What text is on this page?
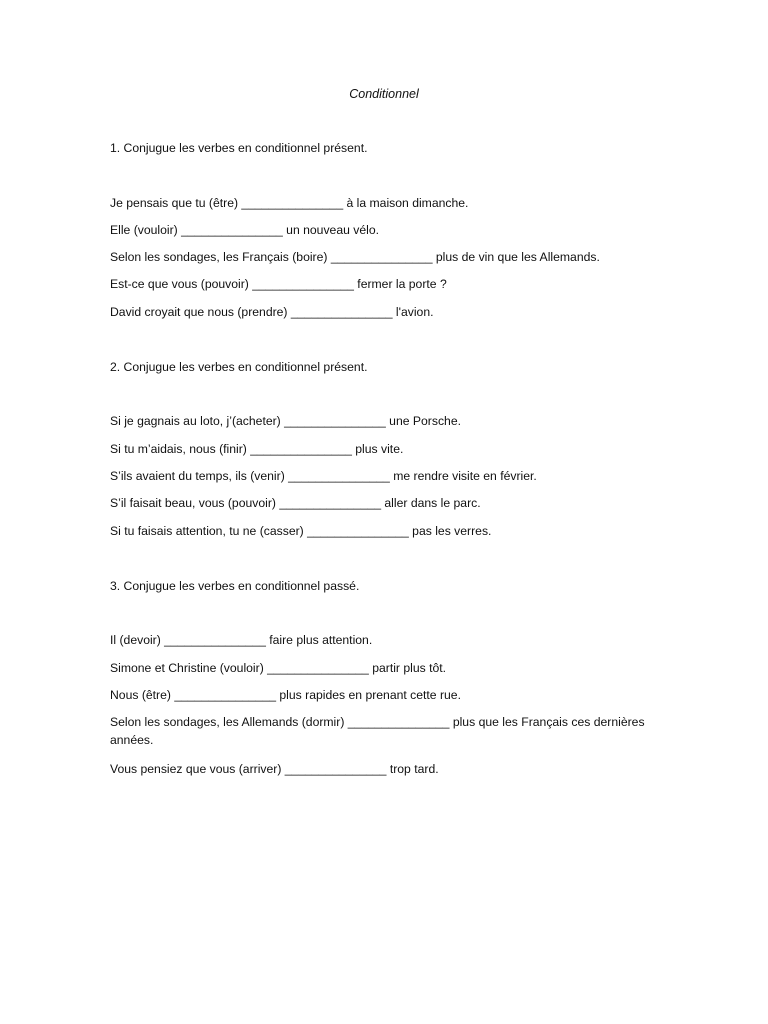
Conditionnel
1. Conjugue les verbes en conditionnel présent.
Je pensais que tu (être) _______________ à la maison dimanche.
Elle (vouloir) _______________ un nouveau vélo.
Selon les sondages, les Français (boire) _______________ plus de vin que les Allemands.
Est-ce que vous (pouvoir) _______________ fermer la porte ?
David croyait que nous (prendre) _______________ l'avion.
2. Conjugue les verbes en conditionnel présent.
Si je gagnais au loto, j’(acheter) _______________ une Porsche.
Si tu m’aidais, nous (finir) _______________ plus vite.
S’ils avaient du temps, ils (venir) _______________ me rendre visite en février.
S’il faisait beau, vous (pouvoir) _______________ aller dans le parc.
Si tu faisais attention, tu ne (casser) _______________ pas les verres.
3. Conjugue les verbes en conditionnel passé.
Il (devoir) _______________ faire plus attention.
Simone et Christine (vouloir) _______________ partir plus tôt.
Nous (être) _______________ plus rapides en prenant cette rue.
Selon les sondages, les Allemands (dormir) _______________ plus que les Français ces dernières années.
Vous pensiez que vous (arriver) _______________ trop tard.
